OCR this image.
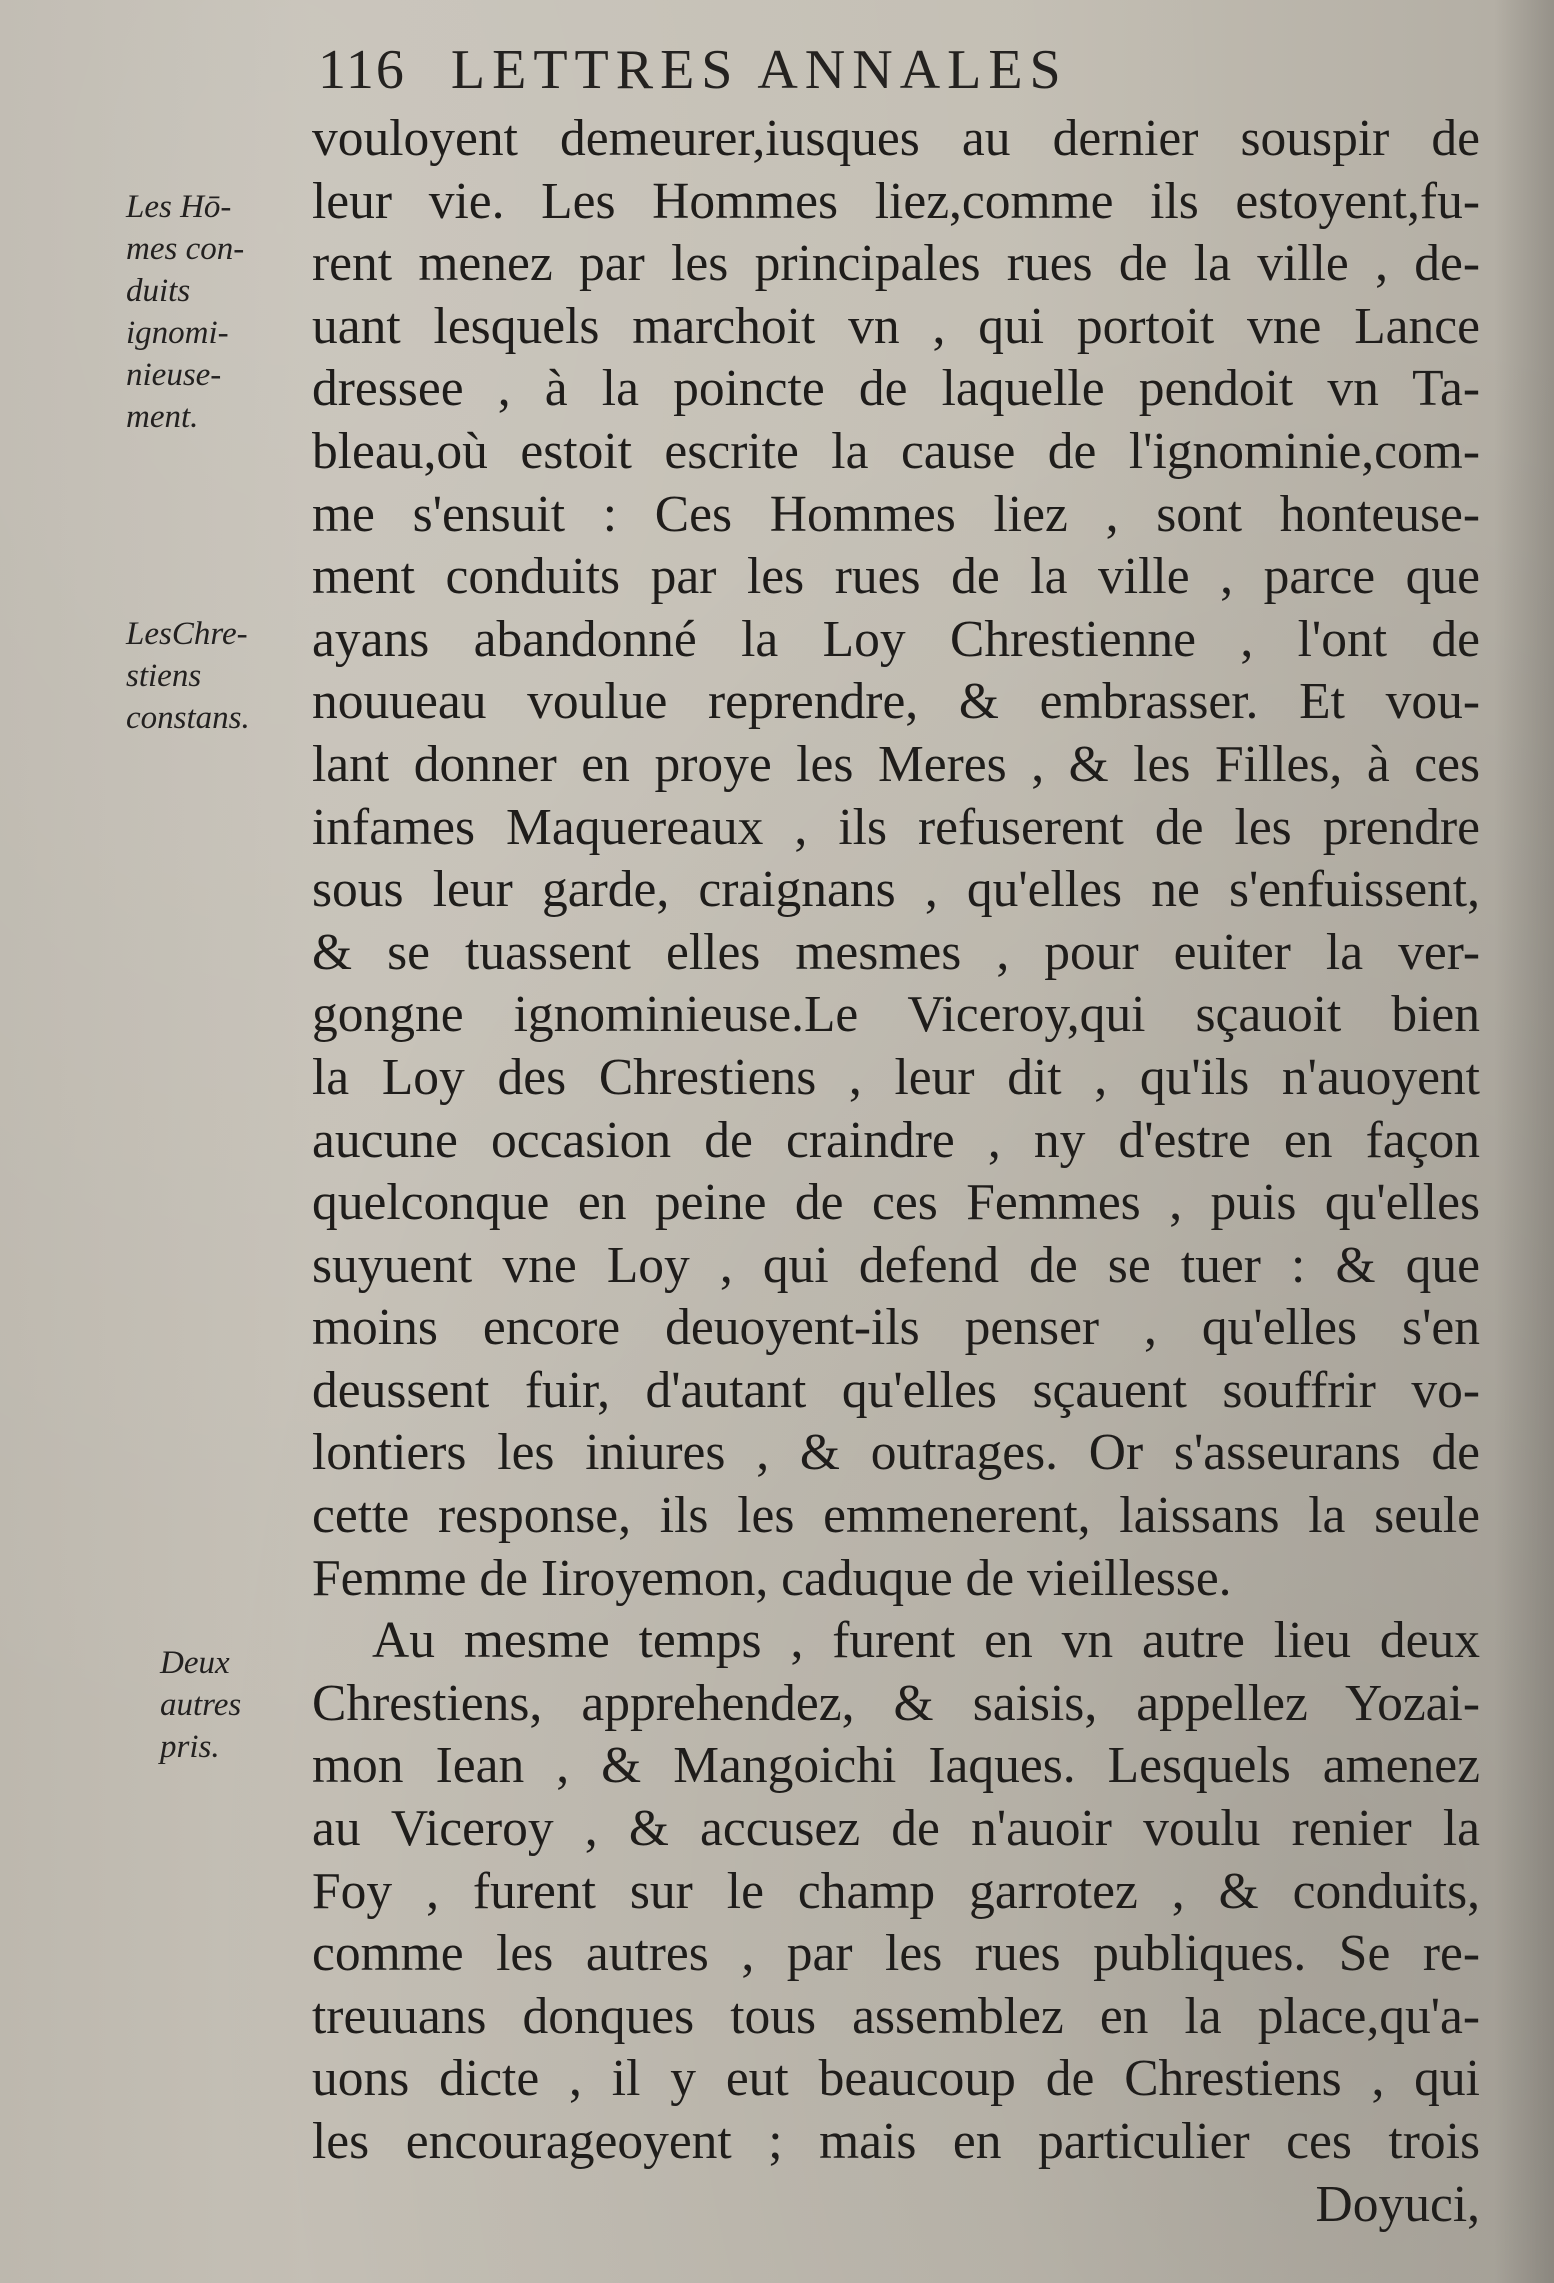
116 LETTRES ANNALES
Les Hō-
mes con-
duits
ignomi-
nieuse-
ment.
LesChre-
stiens
constans.
Deux
autres
pris.
vouloyent demeurer,iusques au dernier souspir de
leur vie. Les Hommes liez,comme ils estoyent,fu-
rent menez par les principales rues de la ville , de-
uant lesquels marchoit vn , qui portoit vne Lance
dressee , à la poincte de laquelle pendoit vn Ta-
bleau,où estoit escrite la cause de l'ignominie,com-
me s'ensuit : Ces Hommes liez , sont honteuse-
ment conduits par les rues de la ville , parce que
ayans abandonné la Loy Chrestienne , l'ont de
nouueau voulue reprendre, & embrasser. Et vou-
lant donner en proye les Meres , & les Filles, à ces
infames Maquereaux , ils refuserent de les prendre
sous leur garde, craignans , qu'elles ne s'enfuissent,
& se tuassent elles mesmes , pour euiter la ver-
gongne ignominieuse.Le Viceroy,qui sçauoit bien
la Loy des Chrestiens , leur dit , qu'ils n'auoyent
aucune occasion de craindre , ny d'estre en façon
quelconque en peine de ces Femmes , puis qu'elles
suyuent vne Loy , qui defend de se tuer : & que
moins encore deuoyent-ils penser , qu'elles s'en
deussent fuir, d'autant qu'elles sçauent souffrir vo-
lontiers les iniures , & outrages. Or s'asseurans de
cette response, ils les emmenerent, laissans la seule
Femme de Iiroyemon, caduque de vieillesse.
Au mesme temps , furent en vn autre lieu deux
Chrestiens, apprehendez, & saisis, appellez Yozai-
mon Iean , & Mangoichi Iaques. Lesquels amenez
au Viceroy , & accusez de n'auoir voulu renier la
Foy , furent sur le champ garrotez , & conduits,
comme les autres , par les rues publiques. Se re-
treuuans donques tous assemblez en la place,qu'a-
uons dicte , il y eut beaucoup de Chrestiens , qui
les encourageoyent ; mais en particulier ces trois
Doyuci,
